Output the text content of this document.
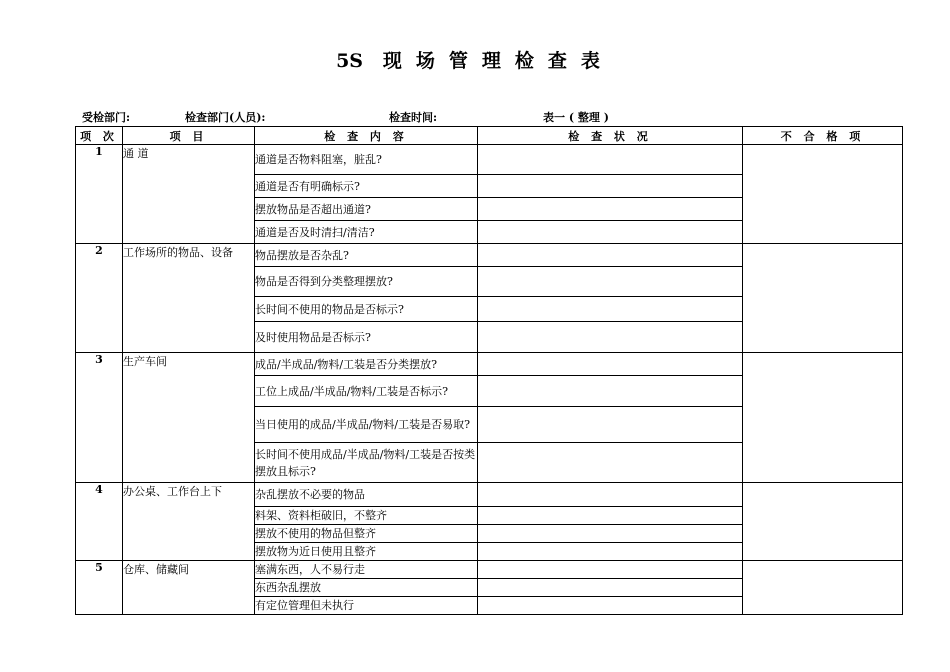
5S 现场管理检查表
受检部门:	检查部门(人员):	检查时间:	表一 ( 整理 )
项 次	项 目	检 查 内 容	检 查 状 况	不 合 格 项
1	通 道	通道是否物料阻塞，脏乱?		
		通道是否有明确标示?		
		摆放物品是否超出通道?		
		通道是否及时清扫/清洁?		
2	工作场所的物品、设备	物品摆放是否杂乱?		
		物品是否得到分类整理摆放?		
		长时间不使用的物品是否标示?		
		及时使用物品是否标示?		
3	生产车间	成品/半成品/物料/工装是否分类摆放?		
		工位上成品/半成品/物料/工装是否标示?		
		当日使用的成品/半成品/物料/工装是否易取?		
		长时间不使用成品/半成品/物料/工装是否按类摆放且标示?		
4	办公桌、工作台上下	杂乱摆放不必要的物品		
		料架、资料柜破旧，不整齐		
		摆放不使用的物品但整齐		
		摆放物为近日使用且整齐		
5	仓库、储藏间	塞满东西，人不易行走		
		东西杂乱摆放		
		有定位管理但未执行		
